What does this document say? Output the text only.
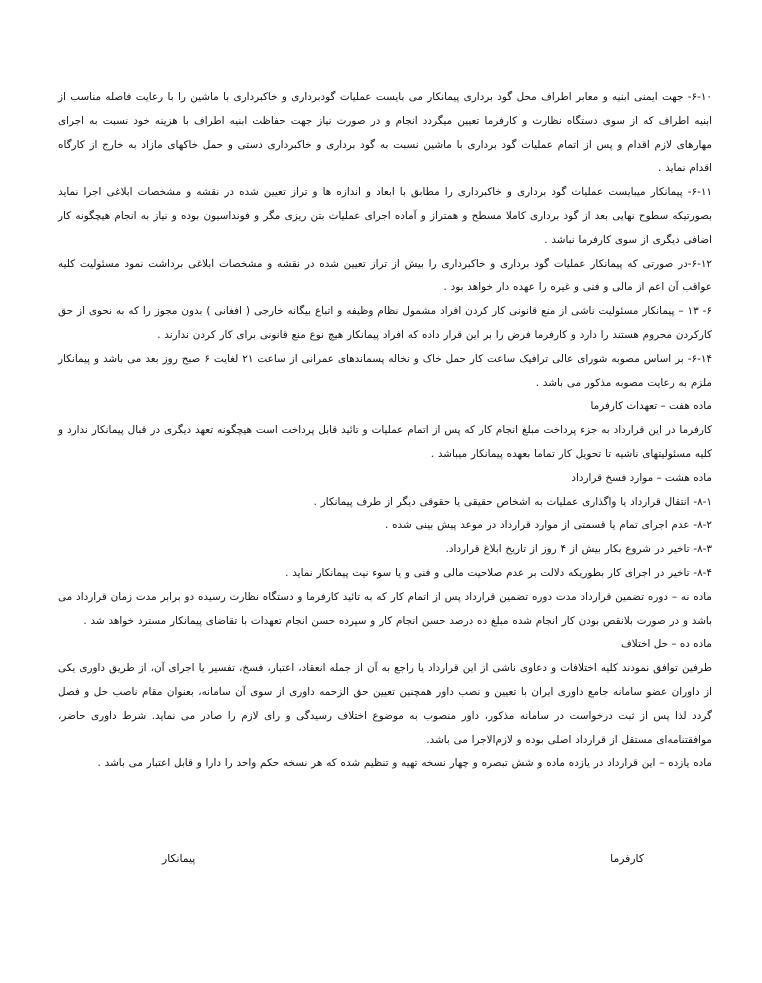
۶-۱۰- جهت ایمنی ابنیه و معابر اطراف محل گود برداری پیمانکار می بایست عملیات گودبرداری و خاکبرداری با ماشین را با رعایت فاصله مناسب از ابنیه اطراف که از سوی دستگاه نظارت و کارفرما تعیین میگردد انجام و در صورت نیاز جهت حفاظت ابنیه اطراف با هزینه خود نسبت به اجرای مهارهای لازم اقدام و پس از اتمام عملیات گود برداری با ماشین نسبت به گود برداری و خاکبرداری دستی و حمل خاکهای مازاد به خارج از کارگاه اقدام نماید .

۶-۱۱- پیمانکار میبایست عملیات گود برداری و خاکبرداری را مطابق با ابعاد و اندازه ها و تراز تعیین شده در نقشه و مشخصات ابلاغی اجرا نماید بصورتیکه سطوح نهایی بعد از گود برداری کاملا مسطح و همتراز و آماده اجرای عملیات بتن ریزی مگر و فونداسیون بوده و نیاز به انجام هیچگونه کار اضافی دیگری از سوی کارفرما نباشد .

۶-۱۲-در صورتی که پیمانکار عملیات گود برداری و خاکبرداری را بیش از تراز تعیین شده در نقشه و مشخصات ابلاغی برداشت نمود مسئولیت کلیه عواقب آن اعم از مالی و فنی و غیره را عهده دار خواهد بود .

۶- ۱۳ – پیمانکار مسئولیت ناشی از منع قانونی کار کردن افراد مشمول نظام وظیفه و اتباع بیگانه خارجی ( افغانی ) بدون مجوز را که به نحوی از حق کارکردن محروم هستند را دارد و کارفرما فرض را بر این قرار داده که افراد پیمانکار هیچ نوع منع قانونی برای کار کردن ندارند .

۶-۱۴- بر اساس مصوبه شورای عالی ترافیک ساعت کار حمل خاک و نخاله پسماندهای عمرانی از ساعت ۲۱ لغایت ۶ صبح روز بعد می باشد و پیمانکار ملزم به رعایت مصوبه مذکور می باشد .

ماده هفت – تعهدات کارفرما

کارفرما در این قرارداد به جزء پرداخت مبلغ انجام کار که پس از اتمام عملیات و تائید قابل پرداخت است هیچگونه تعهد دیگری در قبال پیمانکار ندارد و کلیه مسئولیتهای ناشیه تا تحویل کار تماما بعهده پیمانکار میباشد .

ماده هشت – موارد فسخ قرارداد

۸-۱- انتقال قرارداد یا واگذاری عملیات به اشخاص حقیقی یا حقوقی دیگر از طرف پیمانکار .

۸-۲- عدم اجرای تمام یا قسمتی از موارد قرارداد در موعد پیش بینی شده .

۸-۳- تاخیر در شروع بکار بیش از ۴ روز از تاریخ ابلاغ قرارداد.

۸-۴- تاخیر در اجرای کار بطوریکه دلالت بر عدم صلاحیت مالی و فنی و یا سوء نیت پیمانکار نماید .

ماده نه – دوره تضمین قرارداد مدت دوره تضمین قرارداد پس از اتمام کار که به تائید کارفرما و دستگاه نظارت رسیده دو برابر مدت زمان قرارداد می باشد و در صورت بلانقص بودن کار انجام شده مبلغ ده درصد حسن انجام کار و سپرده حسن انجام تعهدات با تقاضای پیمانکار مسترد خواهد شد .

ماده ده – حل اختلاف

طرفین توافق نمودند کلیه اختلافات و دعاوی ناشی از این قرارداد یا راجع به آن از جمله انعقاد، اعتبار، فسخ، تفسیر یا اجرای آن، از طریق داوری یکی از داوران عضو سامانه جامع داوری ایران با تعیین و نصب داور همچنین تعیین حق الزحمه داوری از سوی آن سامانه، بعنوان مقام ناصب حل و فصل گردد لذا پس از ثبت درخواست در سامانه مذکور، داور منصوب به موضوع اختلاف رسیدگی و رای لازم را صادر می نماید. شرط داوری حاضر، موافقتنامه‌ای مستقل از قرارداد اصلی بوده و لازم‌الاجرا می باشد.

ماده یازده – این قرارداد در یازده ماده و شش تبصره و چهار نسخه تهیه و تنظیم شده که هر نسخه حکم واحد را دارا و قابل اعتبار می باشد .

کارفرما
پیمانکار
